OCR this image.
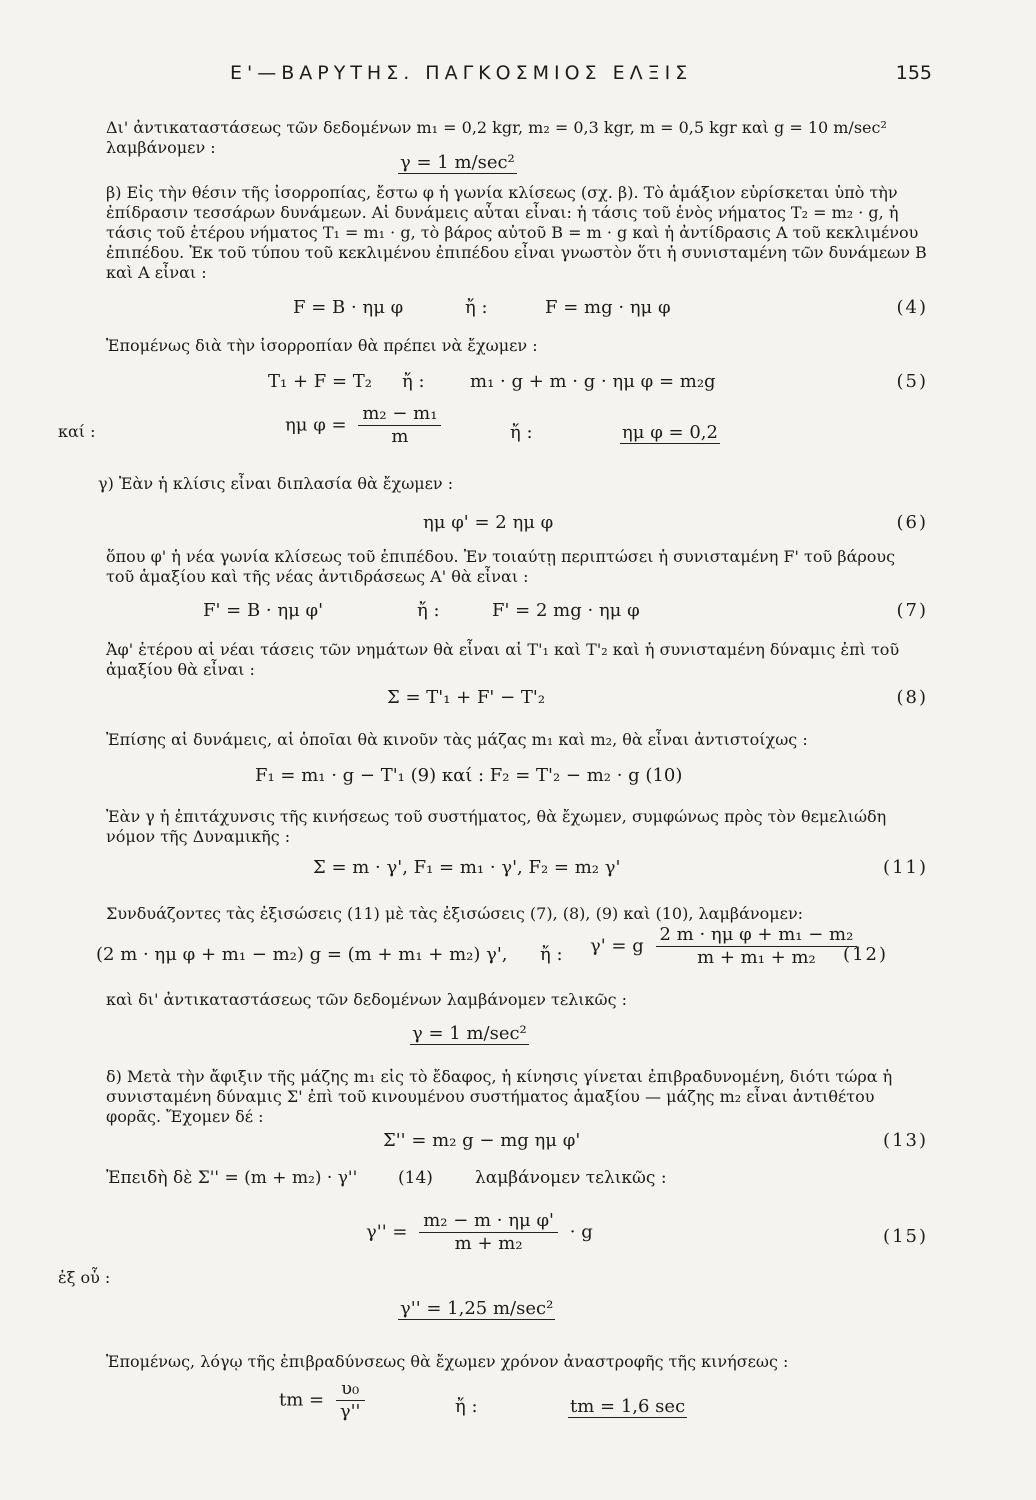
Ε'—ΒΑΡΥΤΗΣ. ΠΑΓΚΟΣΜΙΟΣ ΕΛΞΙΣ	155
Δι' ἀντικαταστάσεως τῶν δεδομένων m₁ = 0,2 kgr, m₂ = 0,3 kgr, m = 0,5 kgr καὶ g = 10 m/sec² λαμβάνομεν :
γ = 1 m/sec²
β) Εἰς τὴν θέσιν τῆς ἰσορροπίας, ἔστω φ ἡ γωνία κλίσεως (σχ. β). Τὸ ἁμάξιον εὑρίσκεται ὑπὸ τὴν ἐπίδρασιν τεσσάρων δυνάμεων. Αἱ δυνάμεις αὗται εἶναι: ἡ τάσις τοῦ ἑνὸς νήματος T₂ = m₂ · g, ἡ τάσις τοῦ ἑτέρου νήματος T₁ = m₁ · g, τὸ βάρος αὐτοῦ B = m · g καὶ ἡ ἀντίδρασις A τοῦ κεκλιμένου ἐπιπέδου. Ἐκ τοῦ τύπου τοῦ κεκλιμένου ἐπιπέδου εἶναι γνωστὸν ὅτι ἡ συνισταμένη τῶν δυνάμεων B καὶ A εἶναι :
F = B · ημ φ	ἤ :	F = mg · ημ φ	(4)
Ἑπομένως διὰ τὴν ἰσορροπίαν θὰ πρέπει νὰ ἔχωμεν :
T₁ + F = T₂ ἤ :	m₁ · g + m · g · ημ φ = m₂g	(5)
καί :	ημ $\varphi = \frac{\text{m₂ − m₁}}{m}$	ἤ :	ημ φ = 0,2
γ) Ἐὰν ἡ κλίσις εἶναι διπλασία θὰ ἔχωμεν :
ημ φ' = 2 ημ φ	(6)
ὅπου φ' ἡ νέα γωνία κλίσεως τοῦ ἐπιπέδου. Ἐν τοιαύτῃ περιπτώσει ἡ συνισταμένη F' τοῦ βάρους τοῦ ἁμαξίου καὶ τῆς νέας ἀντιδράσεως A' θὰ εἶναι :
F' = B · ημ φ'	ἤ :	F' = 2 mg · ημ φ	(7)
Ἀφ' ἑτέρου αἱ νέαι τάσεις τῶν νημάτων θὰ εἶναι αἱ T'₁ καὶ T'₂ καὶ ἡ συνισταμένη δύναμις ἐπὶ τοῦ ἁμαξίου θὰ εἶναι :
Σ = T'₁ + F' − T'₂	(8)
Ἐπίσης αἱ δυνάμεις, αἱ ὁποῖαι θὰ κινοῦν τὰς μάζας m₁ καὶ m₂, θὰ εἶναι ἀντιστοίχως :
F₁ = m₁ · g − T'₁ (9) καί : F₂ = T'₂ − m₂ · g (10)
Ἐὰν γ ἡ ἐπιτάχυνσις τῆς κινήσεως τοῦ συστήματος, θὰ ἔχωμεν, συμφώνως πρὸς τὸν θεμελιώδη νόμον τῆς Δυναμικῆς :
Σ = m · γ', F₁ = m₁ · γ', F₂ = m₂ γ'	(11)
Συνδυάζοντες τὰς ἐξισώσεις (11) μὲ τὰς ἐξισώσεις (7), (8), (9) καὶ (10), λαμβάνομεν:
(2 m · ημ φ + m₁ − m₂) g = (m + m₁ + m₂) γ', ἤ : γ' = g $\frac{\text{2 m · ημ φ + m₁ − m₂}}{\text{m + m₁ + m₂}}$
(12)
καὶ δι' ἀντικαταστάσεως τῶν δεδομένων λαμβάνομεν τελικῶς :
γ = 1 m/sec²
δ) Μετὰ τὴν ἄφιξιν τῆς μάζης m₁ εἰς τὸ ἔδαφος, ἡ κίνησις γίνεται ἐπιβραδυνομένη, διότι τώρα ἡ συνισταμένη δύναμις Σ' ἐπὶ τοῦ κινουμένου συστήματος ἁμαξίου — μάζης m₂ εἶναι ἀντιθέτου φορᾶς. Ἔχομεν δέ :
Σ'' = m₂ g − mg ημ φ'	(13)
Ἐπειδὴ δὲ Σ'' = (m + m₂) · γ'' (14) λαμβάνομεν τελικῶς :
$\gamma'' = \frac{\text{m₂ − m · ημ φ'}}{\text{m + m₂}} \cdot g$	(15)
ἐξ οὗ :
γ'' = 1,25 m/sec²
Ἑπομένως, λόγῳ τῆς ἐπιβραδύνσεως θὰ ἔχωμεν χρόνον ἀναστροφῆς τῆς κινήσεως :
tm = $\frac{\text{υ₀}}{\gamma''}$	ἤ :	tm = 1,6 sec
